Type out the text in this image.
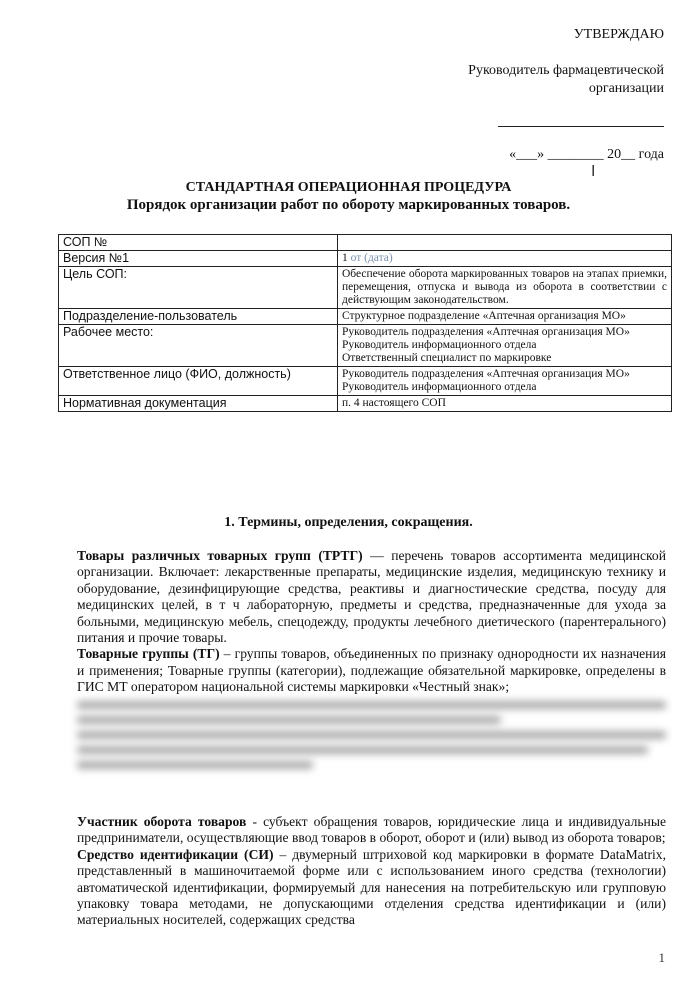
УТВЕРЖДАЮ
Руководитель фармацевтической организации
«___» ________ 20__ года
I
СТАНДАРТНАЯ ОПЕРАЦИОННАЯ ПРОЦЕДУРА
Порядок организации работ по обороту маркированных товаров.
СОП №	
Версия №1	1 от (дата)
Цель СОП:	Обеспечение оборота маркированных товаров на этапах приемки, перемещения, отпуска и вывода из оборота в соответствии с действующим законодательством.
Подразделение-пользователь	Структурное подразделение «Аптечная организация МО»
Рабочее место:	Руководитель подразделения «Аптечная организация МО»
Руководитель информационного отдела
Ответственный специалист по маркировке

Ответственное лицо (ФИО, должность)	Руководитель подразделения «Аптечная организация МО»
Руководитель информационного отдела

Нормативная документация	п. 4 настоящего СОП
1. Термины, определения, сокращения.
Товары различных товарных групп (ТРТГ) — перечень товаров ассортимента медицинской организации. Включает: лекарственные препараты, медицинские изделия, медицинскую технику и оборудование, дезинфицирующие средства, реактивы и диагностические средства, посуду для медицинских целей, в т ч лабораторную, предметы и средства, предназначенные для ухода за больными, медицинскую мебель, спецодежду, продукты лечебного диетического (парентерального) питания и прочие товары.
Товарные группы (ТГ) – группы товаров, объединенных по признаку однородности их назначения и применения; Товарные группы (категории), подлежащие обязательной маркировке, определены в ГИС МТ оператором национальной системы маркировки «Честный знак»;
Участник оборота товаров - субъект обращения товаров, юридические лица и индивидуальные предприниматели, осуществляющие ввод товаров в оборот, оборот и (или) вывод из оборота товаров;
Средство идентификации (СИ) – двумерный штриховой код маркировки в формате DataMatrix, представленный в машиночитаемой форме или с использованием иного средства (технологии) автоматической идентификации, формируемый для нанесения на потребительскую или групповую упаковку товара методами, не допускающими отделения средства идентификации и (или) материальных носителей, содержащих средства
1
